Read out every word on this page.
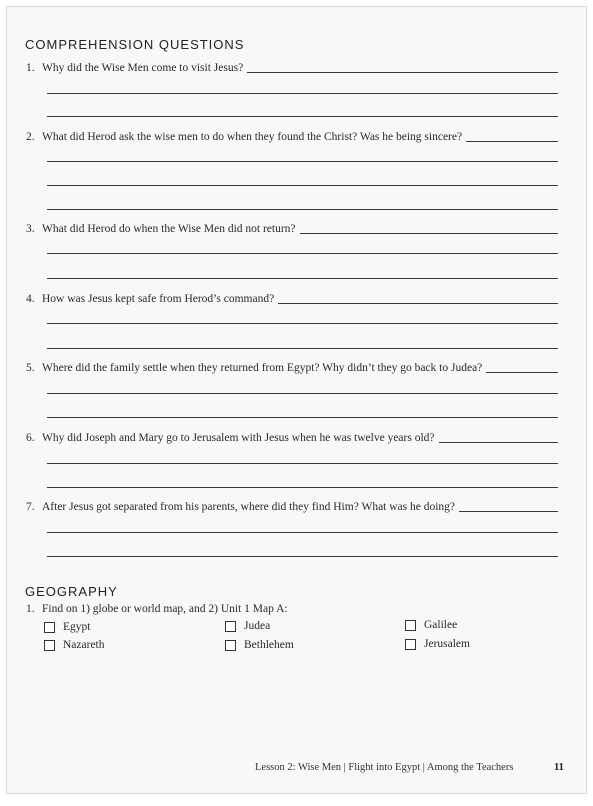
COMPREHENSION QUESTIONS
1. Why did the Wise Men come to visit Jesus?
2. What did Herod ask the wise men to do when they found the Christ? Was he being sincere?
3. What did Herod do when the Wise Men did not return?
4. How was Jesus kept safe from Herod’s command?
5. Where did the family settle when they returned from Egypt? Why didn’t they go back to Judea?
6. Why did Joseph and Mary go to Jerusalem with Jesus when he was twelve years old?
7. After Jesus got separated from his parents, where did they find Him? What was he doing?
GEOGRAPHY
1. Find on 1) globe or world map, and 2) Unit 1 Map A:
Egypt	Judea	Galilee
Nazareth	Bethlehem	Jerusalem
Lesson 2: Wise Men | Flight into Egypt | Among the Teachers	11
